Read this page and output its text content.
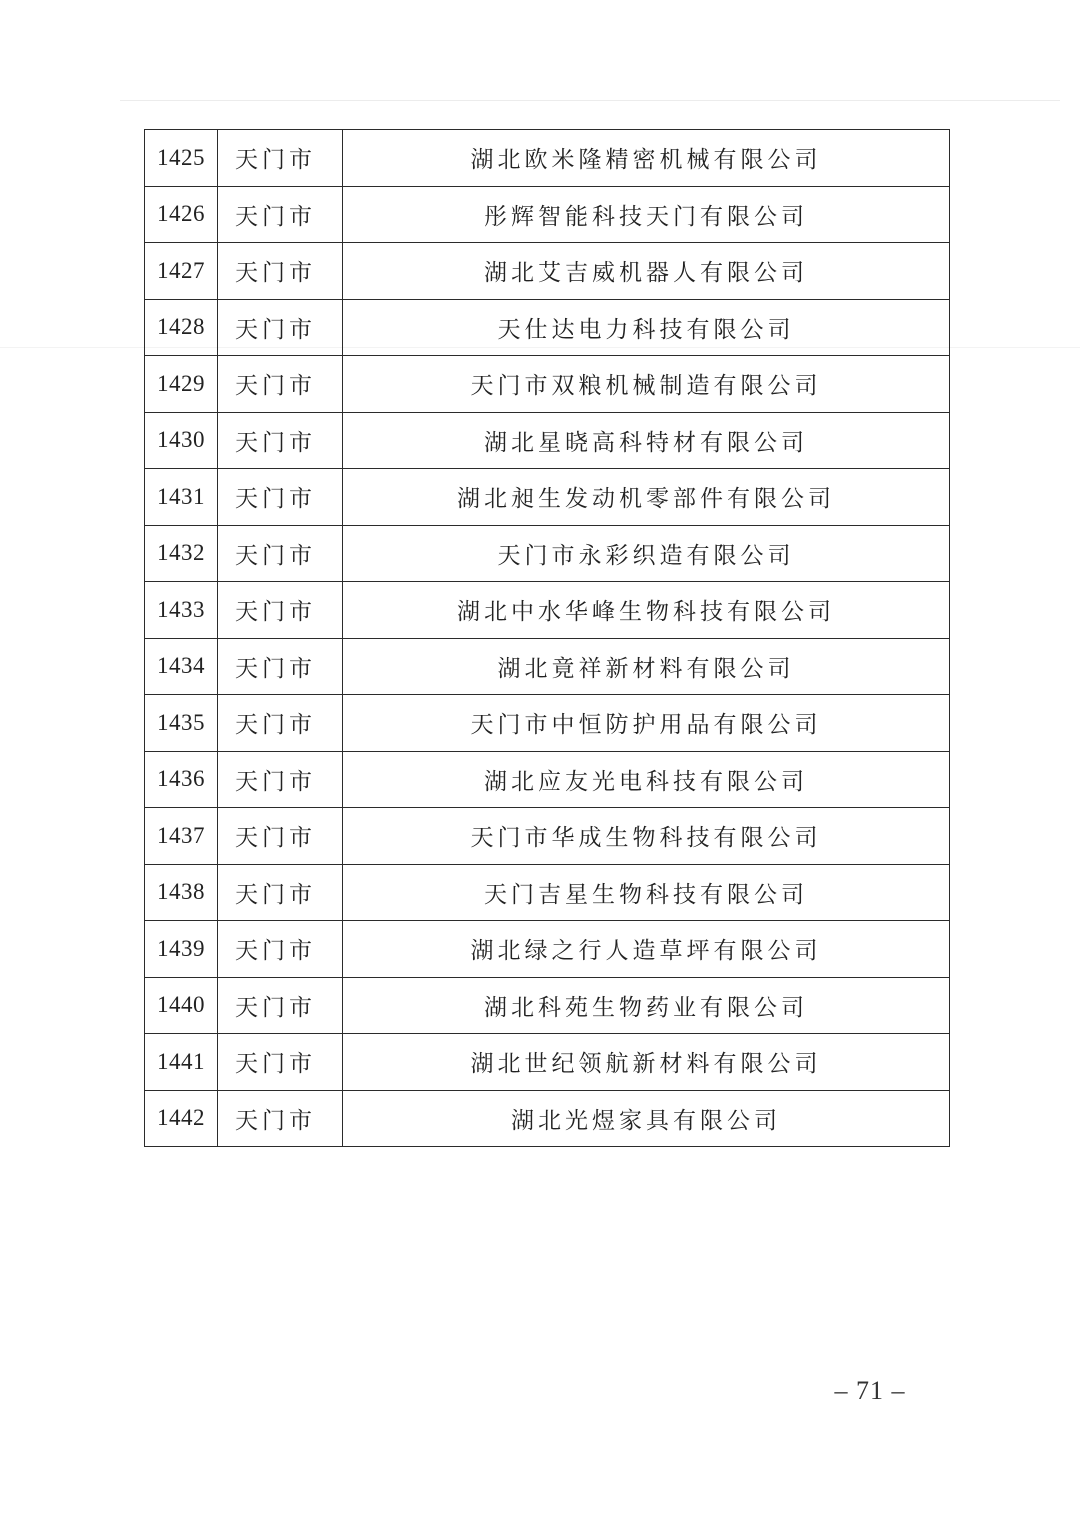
1425	天门市	湖北欧米隆精密机械有限公司
1426	天门市	彤辉智能科技天门有限公司
1427	天门市	湖北艾吉威机器人有限公司
1428	天门市	天仕达电力科技有限公司
1429	天门市	天门市双粮机械制造有限公司
1430	天门市	湖北星晓高科特材有限公司
1431	天门市	湖北昶生发动机零部件有限公司
1432	天门市	天门市永彩织造有限公司
1433	天门市	湖北中水华峰生物科技有限公司
1434	天门市	湖北竟祥新材料有限公司
1435	天门市	天门市中恒防护用品有限公司
1436	天门市	湖北应友光电科技有限公司
1437	天门市	天门市华成生物科技有限公司
1438	天门市	天门吉星生物科技有限公司
1439	天门市	湖北绿之行人造草坪有限公司
1440	天门市	湖北科苑生物药业有限公司
1441	天门市	湖北世纪领航新材料有限公司
1442	天门市	湖北光煜家具有限公司
– 71 –
